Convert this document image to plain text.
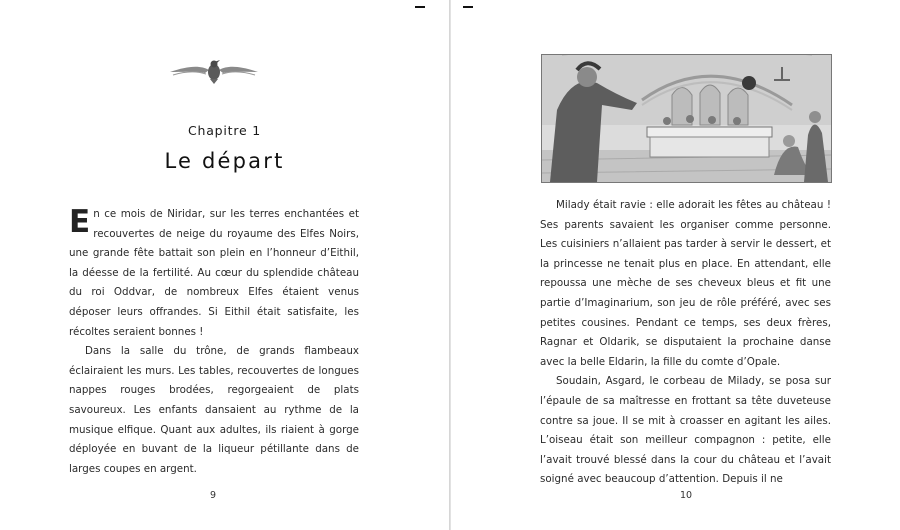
Chapitre 1
Le départ

En ce mois de Niridar, sur les terres enchantées et recouvertes de neige du royaume des Elfes Noirs, une grande fête battait son plein en l’honneur d’Eithil, la déesse de la fertilité. Au cœur du splendide château du roi Oddvar, de nombreux Elfes étaient venus déposer leurs offrandes. Si Eithil était satisfaite, les récoltes seraient bonnes !

Dans la salle du trône, de grands flambeaux éclairaient les murs. Les tables, recouvertes de longues nappes rouges brodées, regorgeaient de plats savoureux. Les enfants dansaient au rythme de la musique elfique. Quant aux adultes, ils riaient à gorge déployée en buvant de la liqueur pétillante dans de larges coupes en argent.

9

Milady était ravie : elle adorait les fêtes au château ! Ses parents savaient les organiser comme personne. Les cuisiniers n’allaient pas tarder à servir le dessert, et la princesse ne tenait plus en place. En attendant, elle repoussa une mèche de ses cheveux bleus et fit une partie d’Imaginarium, son jeu de rôle préféré, avec ses petites cousines. Pendant ce temps, ses deux frères, Ragnar et Oldarik, se disputaient la prochaine danse avec la belle Eldarin, la fille du comte d’Opale.

Soudain, Asgard, le corbeau de Milady, se posa sur l’épaule de sa maîtresse en frottant sa tête duveteuse contre sa joue. Il se mit à croasser en agitant les ailes. L’oiseau était son meilleur compagnon : petite, elle l’avait trouvé blessé dans la cour du château et l’avait soigné avec beaucoup d’attention. Depuis il ne

10
